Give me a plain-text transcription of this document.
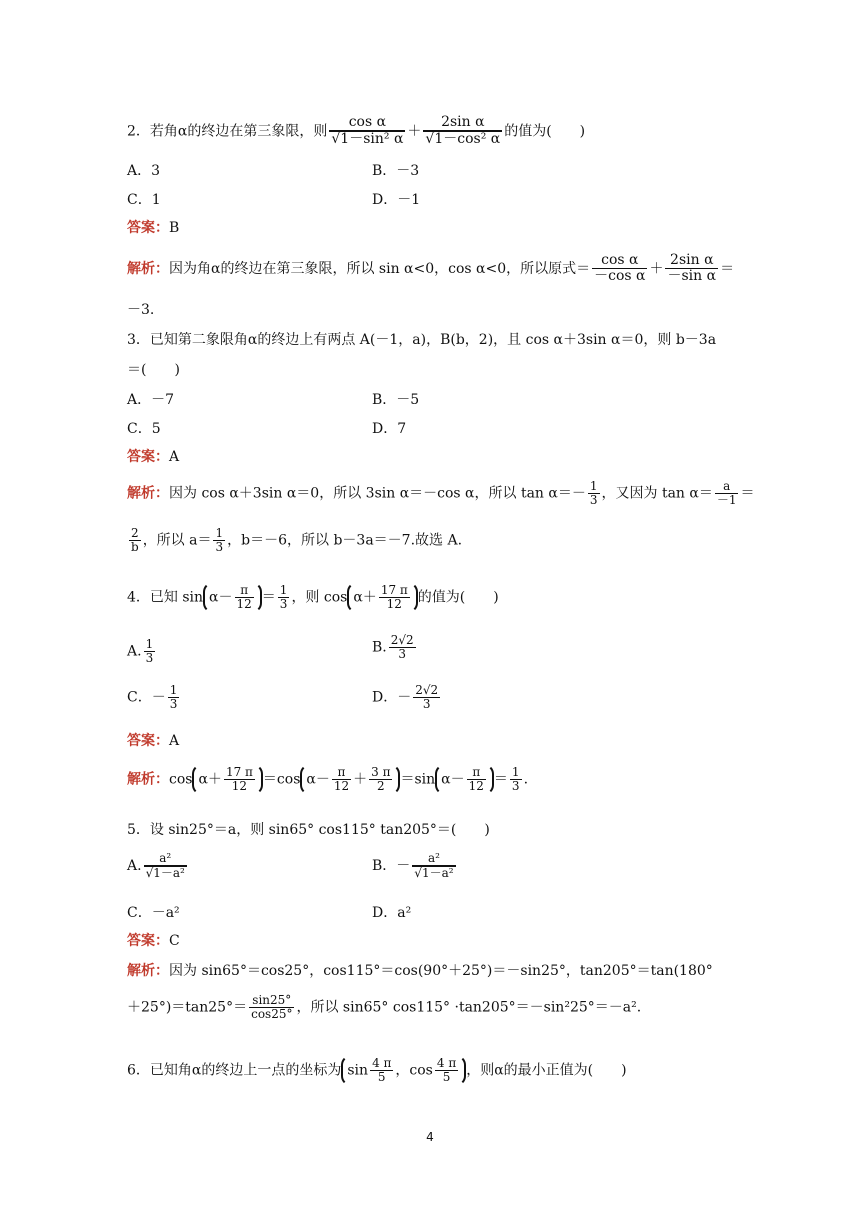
2．若角α的终边在第三象限，则 $\frac{\text{cos α}}{\text{√1－sin² α}} + \frac{\text{2sin α}}{\text{√1－cos² α}}$ 的值为(　　)
A．3	B．－3
C．1	D．－1
答案：B
解析：因为角α的终边在第三象限，所以 sin α<0，cos α<0，所以原式＝ $\frac{\text{cos α}}{\text{－cos α}} + \frac{\text{2sin α}}{\text{－sin α}}$ ＝
－3.
3．已知第二象限角α的终边上有两点 A(－1，a)，B(b，2)，且 cos α＋3sin α＝0，则 b－3a
＝(　　)
A．－7	B．－5
C．5	D．7
答案：A
解析：因为 cos α＋3sin α＝0，所以 3sin α＝－cos α，所以 $\tan \alpha=- \frac{1}{3}$ ，又因为 $\tan \alpha= \frac{a}{-1}$ ＝
$\frac{2}{b}$ ，所以 $a= \frac{1}{3}$ ，b＝－6，所以 b－3a＝－7.故选 A.
4．已知 $\sin \alpha- \frac{\pi}{12} = \frac{1}{3}$ ，则 $\cos \alpha+ \frac{17 \pi}{12}$ 的值为(　　)
A. $\frac{1}{3}$	B. $\frac{2√2}{3}$
C．－ $\frac{1}{3}$	D．－ $\frac{2√2}{3}$
答案：A
解析：$\cos \alpha+ \frac{17 \pi}{12} =\cos$ $\alpha- \frac{\pi}{12} + \frac{3 \pi}{2} =\sin$ $\alpha- \frac{\pi}{12} = \frac{1}{3}$ .
5．设 sin25°＝a，则 sin65° cos115° tan205°＝(　　)
A. $\frac{\text{a²}}{\text{√1－a²}}$	B．－ $\frac{\text{a²}}{\text{√1－a²}}$
C．－a²	D．a²
答案：C
解析：因为 sin65°＝cos25°，cos115°＝cos(90°＋25°)＝－sin25°，tan205°＝tan(180°
$+25^\circ)=\tan 25^\circ= \frac{\sin 25^\circ}{\cos 25^\circ}$ ，所以 sin65° cos115° ·tan205°＝－sin²25°＝－a².
6．已知角α的终边上一点的坐标为 $\sin \frac{4 \pi}{5}$ ，$\cos \frac{4 \pi}{5}$ ，则α的最小正值为(　　)
4
